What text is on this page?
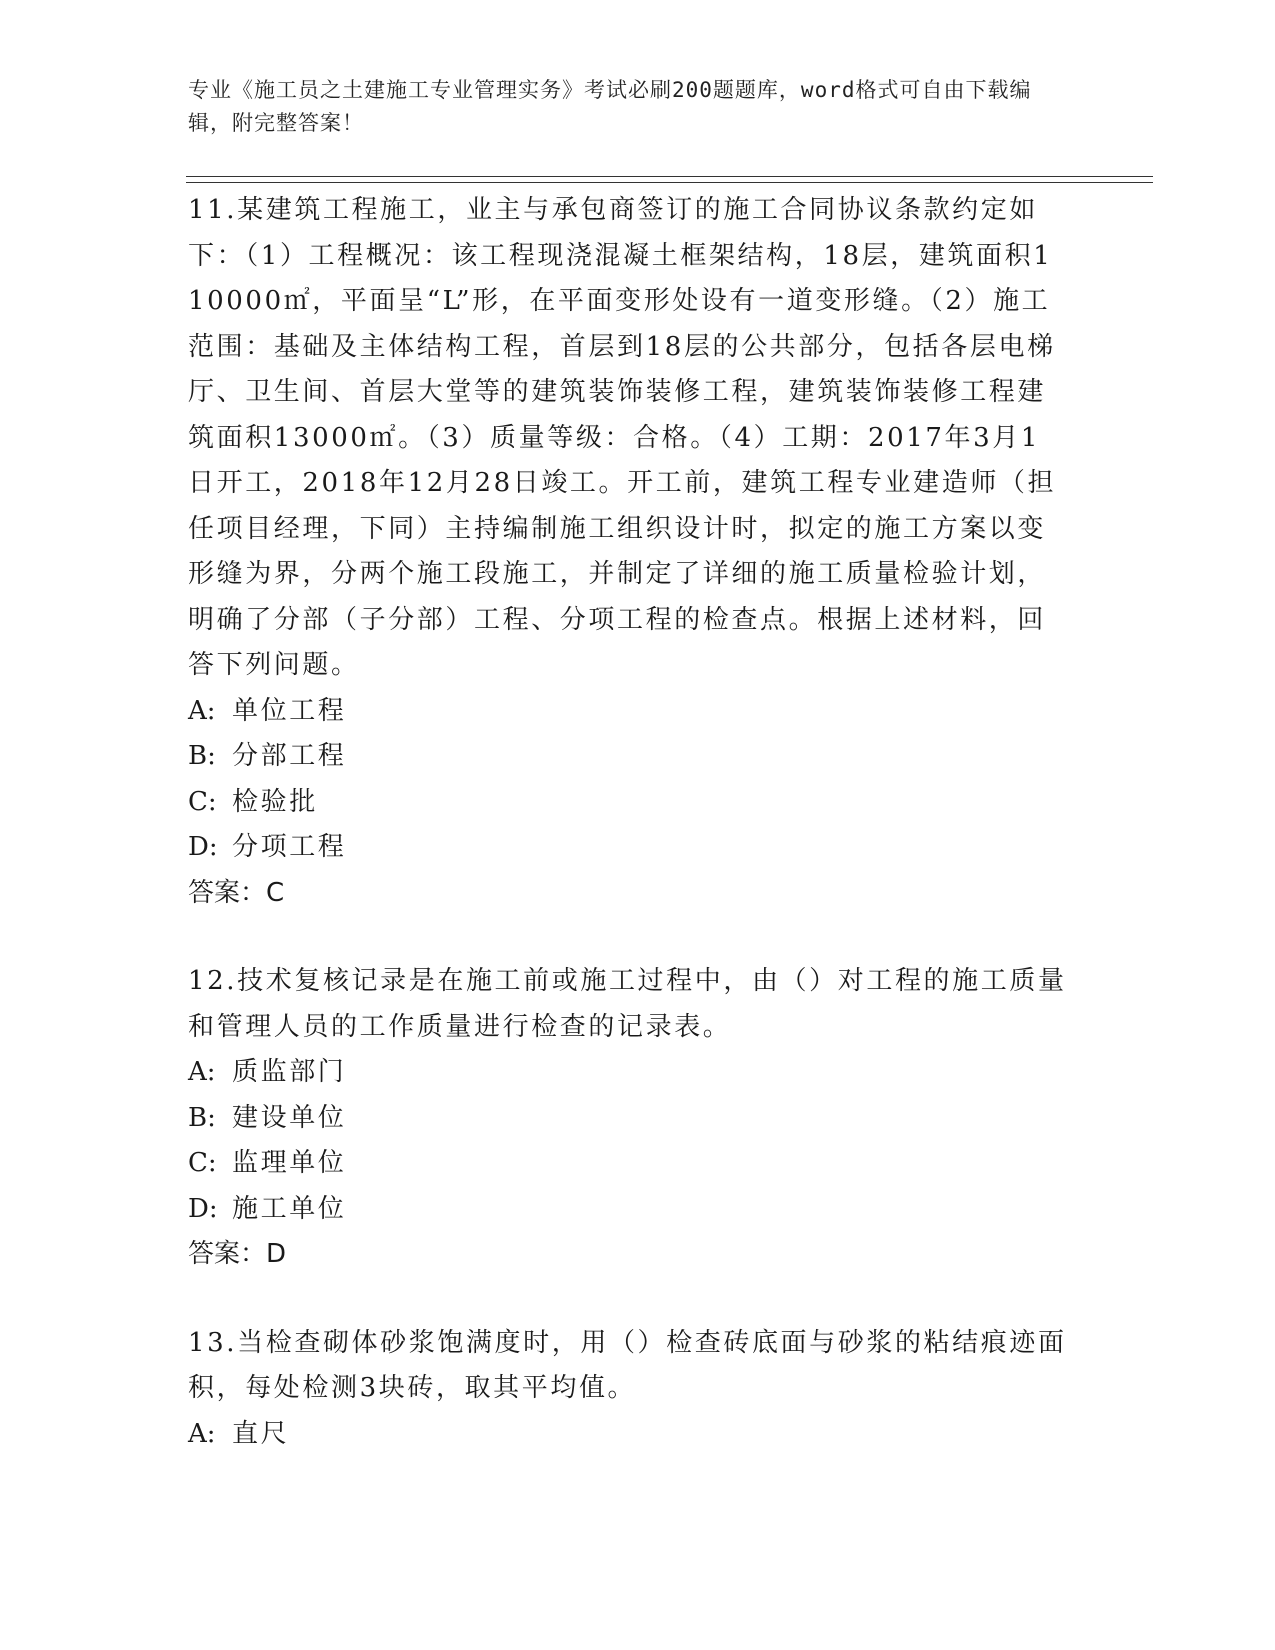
专业《施工员之土建施工专业管理实务》考试必刷200题题库，word格式可自由下载编辑，附完整答案！

11.某建筑工程施工，业主与承包商签订的施工合同协议条款约定如下：（1）工程概况：该工程现浇混凝土框架结构，18层，建筑面积110000㎡，平面呈“L”形，在平面变形处设有一道变形缝。（2）施工范围：基础及主体结构工程，首层到18层的公共部分，包括各层电梯厅、卫生间、首层大堂等的建筑装饰装修工程，建筑装饰装修工程建筑面积13000㎡。（3）质量等级：合格。（4）工期：2017年3月1日开工，2018年12月28日竣工。开工前，建筑工程专业建造师（担任项目经理，下同）主持编制施工组织设计时，拟定的施工方案以变形缝为界，分两个施工段施工，并制定了详细的施工质量检验计划，明确了分部（子分部）工程、分项工程的检查点。根据上述材料，回答下列问题。

A: 单位工程

B: 分部工程

C: 检验批

D: 分项工程

答案：C

12.技术复核记录是在施工前或施工过程中，由（）对工程的施工质量和管理人员的工作质量进行检查的记录表。

A: 质监部门

B: 建设单位

C: 监理单位

D: 施工单位

答案：D

13.当检查砌体砂浆饱满度时，用（）检查砖底面与砂浆的粘结痕迹面积，每处检测3块砖，取其平均值。

A: 直尺
